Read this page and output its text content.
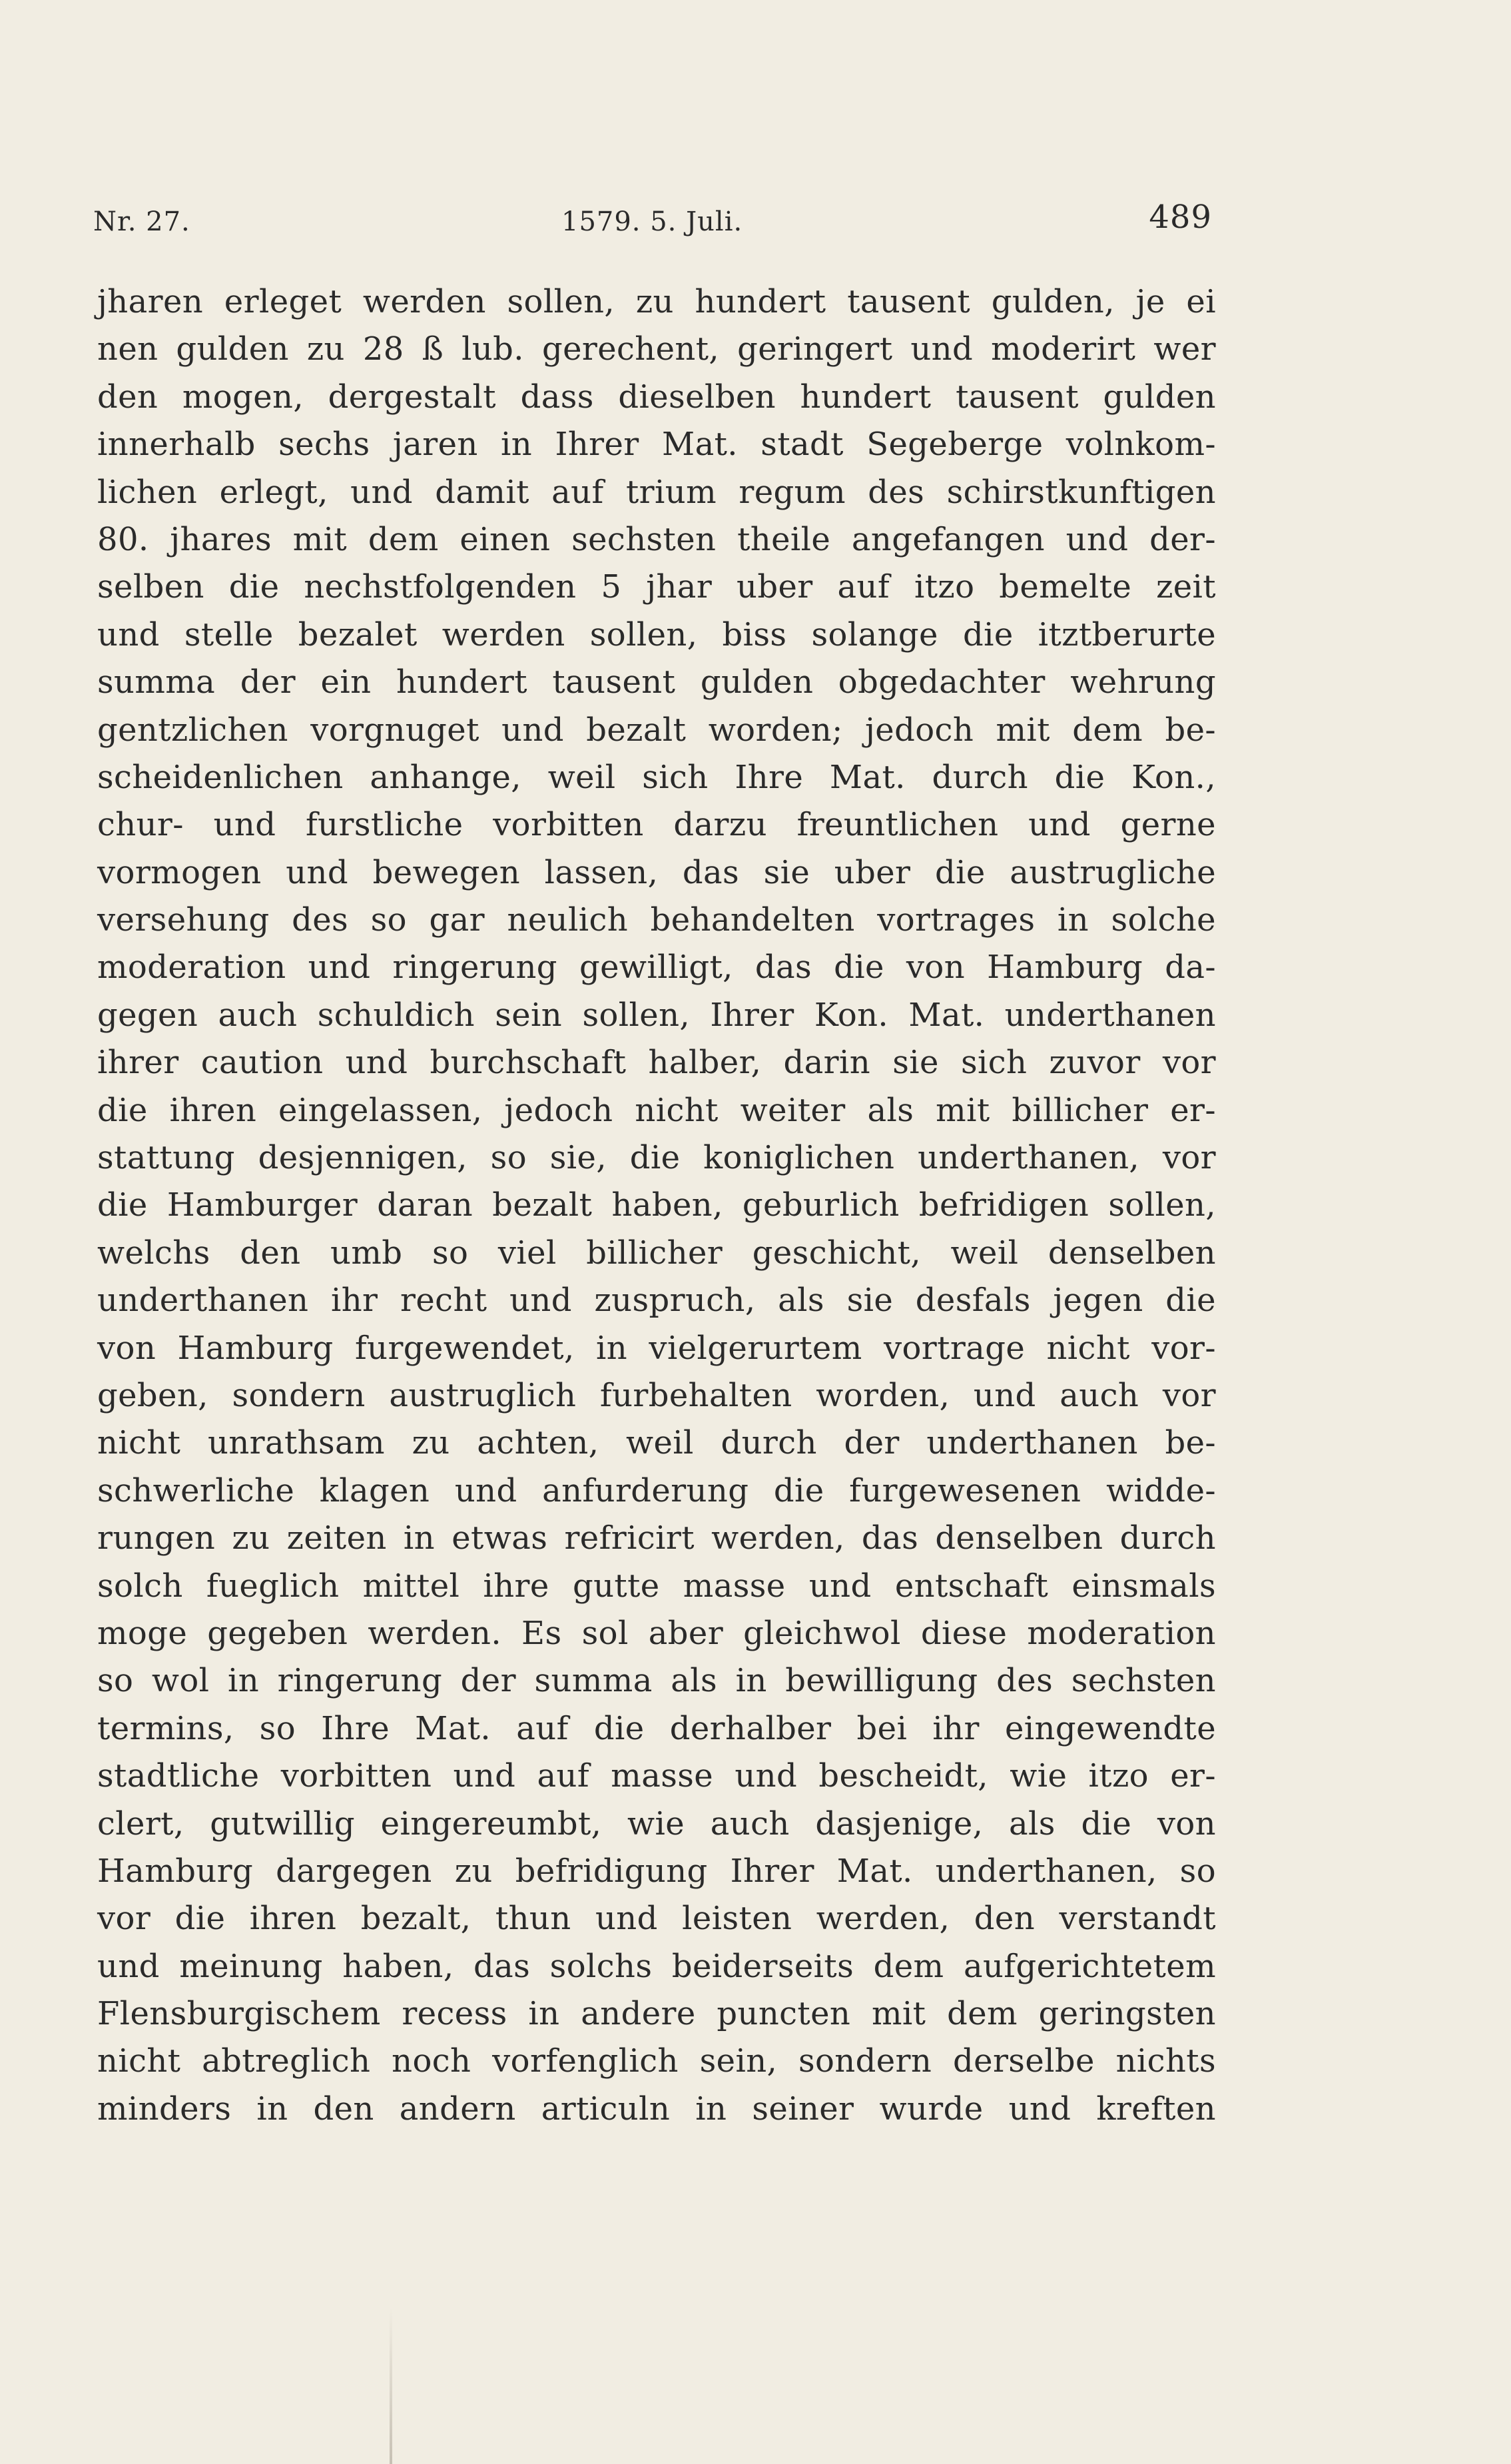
Nr. 27.	1579. 5. Juli.	489
jharen erleget werden sollen, zu hundert tausent gulden, je ei
nen gulden zu 28 ß lub. gerechent, geringert und moderirt wer
den mogen, dergestalt dass dieselben hundert tausent gulden
innerhalb sechs jaren in Ihrer Mat. stadt Segeberge volnkom-
lichen erlegt, und damit auf trium regum des schirstkunftigen
80. jhares mit dem einen sechsten theile angefangen und der-
selben die nechstfolgenden 5 jhar uber auf itzo bemelte zeit
und stelle bezalet werden sollen, biss solange die itztberurte
summa der ein hundert tausent gulden obgedachter wehrung
gentzlichen vorgnuget und bezalt worden; jedoch mit dem be-
scheidenlichen anhange, weil sich Ihre Mat. durch die Kon.,
chur- und furstliche vorbitten darzu freuntlichen und gerne
vormogen und bewegen lassen, das sie uber die austrugliche
versehung des so gar neulich behandelten vortrages in solche
moderation und ringerung gewilligt, das die von Hamburg da-
gegen auch schuldich sein sollen, Ihrer Kon. Mat. underthanen
ihrer caution und burchschaft halber, darin sie sich zuvor vor
die ihren eingelassen, jedoch nicht weiter als mit billicher er-
stattung desjennigen, so sie, die koniglichen underthanen, vor
die Hamburger daran bezalt haben, geburlich befridigen sollen,
welchs den umb so viel billicher geschicht, weil denselben
underthanen ihr recht und zuspruch, als sie desfals jegen die
von Hamburg furgewendet, in vielgerurtem vortrage nicht vor-
geben, sondern austruglich furbehalten worden, und auch vor
nicht unrathsam zu achten, weil durch der underthanen be-
schwerliche klagen und anfurderung die furgewesenen widde-
rungen zu zeiten in etwas refricirt werden, das denselben durch
solch fueglich mittel ihre gutte masse und entschaft einsmals
moge gegeben werden. Es sol aber gleichwol diese moderation
so wol in ringerung der summa als in bewilligung des sechsten
termins, so Ihre Mat. auf die derhalber bei ihr eingewendte
stadtliche vorbitten und auf masse und bescheidt, wie itzo er-
clert, gutwillig eingereumbt, wie auch dasjenige, als die von
Hamburg dargegen zu befridigung Ihrer Mat. underthanen, so
vor die ihren bezalt, thun und leisten werden, den verstandt
und meinung haben, das solchs beiderseits dem aufgerichtetem
Flensburgischem recess in andere puncten mit dem geringsten
nicht abtreglich noch vorfenglich sein, sondern derselbe nichts
minders in den andern articuln in seiner wurde und kreften
